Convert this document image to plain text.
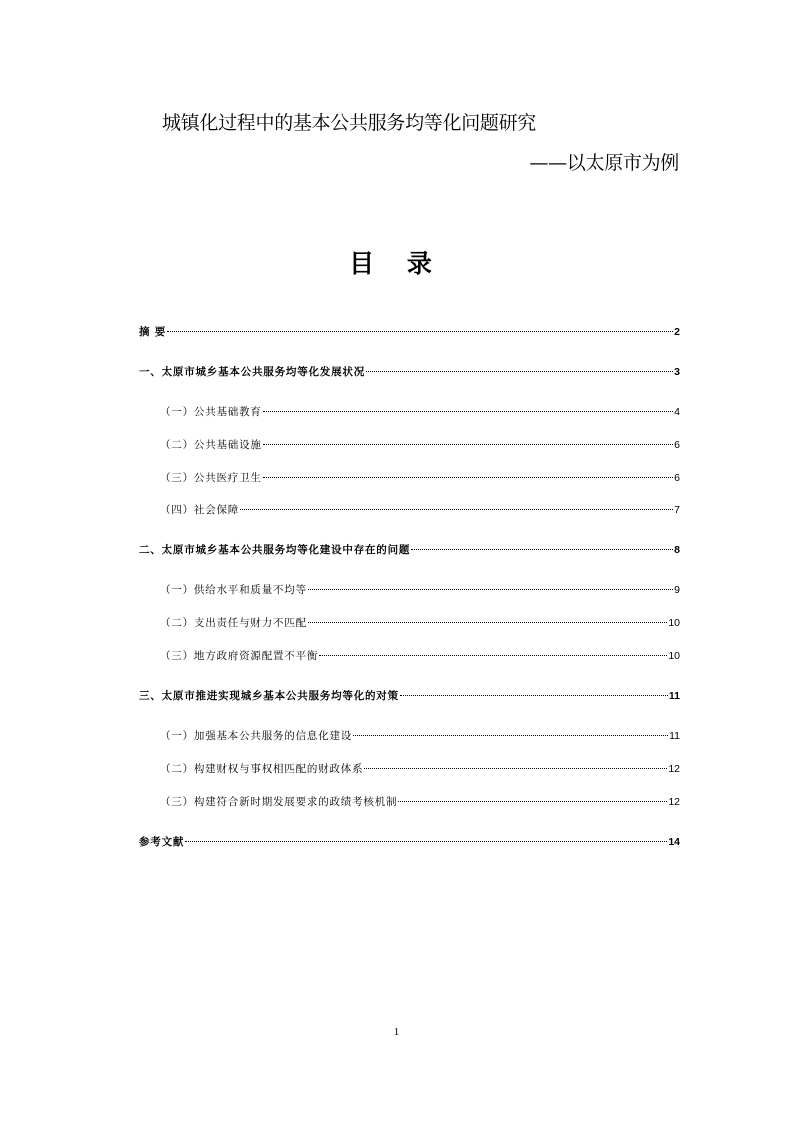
城镇化过程中的基本公共服务均等化问题研究
——以太原市为例
目 录
摘 要	2
一、太原市城乡基本公共服务均等化发展状况	3
（一）公共基础教育	4
（二）公共基础设施	6
（三）公共医疗卫生	6
（四）社会保障	7
二、太原市城乡基本公共服务均等化建设中存在的问题	8
（一）供给水平和质量不均等	9
（二）支出责任与财力不匹配	10
（三）地方政府资源配置不平衡	10
三、太原市推进实现城乡基本公共服务均等化的对策	11
（一）加强基本公共服务的信息化建设	11
（二）构建财权与事权相匹配的财政体系	12
（三）构建符合新时期发展要求的政绩考核机制	12
参考文献	14
1
